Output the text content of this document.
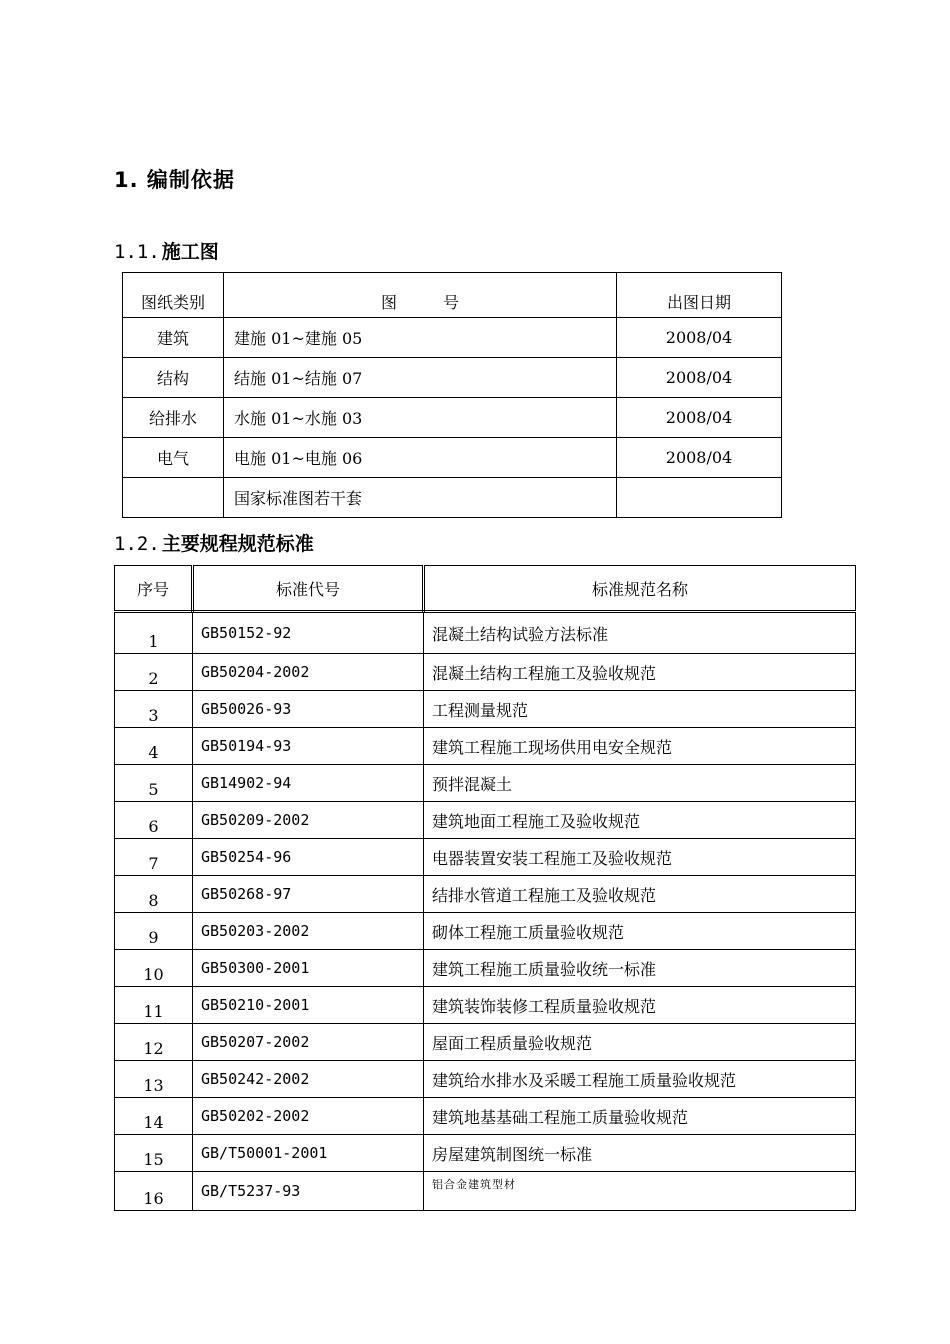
1. 编制依据
1.1. 施工图
图纸类别	图 号	出图日期
建筑	建施 01~建施 05	2008/04
结构	结施 01~结施 07	2008/04
给排水	水施 01~水施 03	2008/04
电气	电施 01~电施 06	2008/04
	国家标准图若干套	
1.2. 主要规程规范标准
序号	标准代号	标准规范名称
1	GB50152-92	混凝土结构试验方法标准
2	GB50204-2002	混凝土结构工程施工及验收规范
3	GB50026-93	工程测量规范
4	GB50194-93	建筑工程施工现场供用电安全规范
5	GB14902-94	预拌混凝土
6	GB50209-2002	建筑地面工程施工及验收规范
7	GB50254-96	电器装置安装工程施工及验收规范
8	GB50268-97	结排水管道工程施工及验收规范
9	GB50203-2002	砌体工程施工质量验收规范
10	GB50300-2001	建筑工程施工质量验收统一标准
11	GB50210-2001	建筑装饰装修工程质量验收规范
12	GB50207-2002	屋面工程质量验收规范
13	GB50242-2002	建筑给水排水及采暖工程施工质量验收规范
14	GB50202-2002	建筑地基基础工程施工质量验收规范
15	GB/T50001-2001	房屋建筑制图统一标准
16	GB/T5237-93	铝合金建筑型材
